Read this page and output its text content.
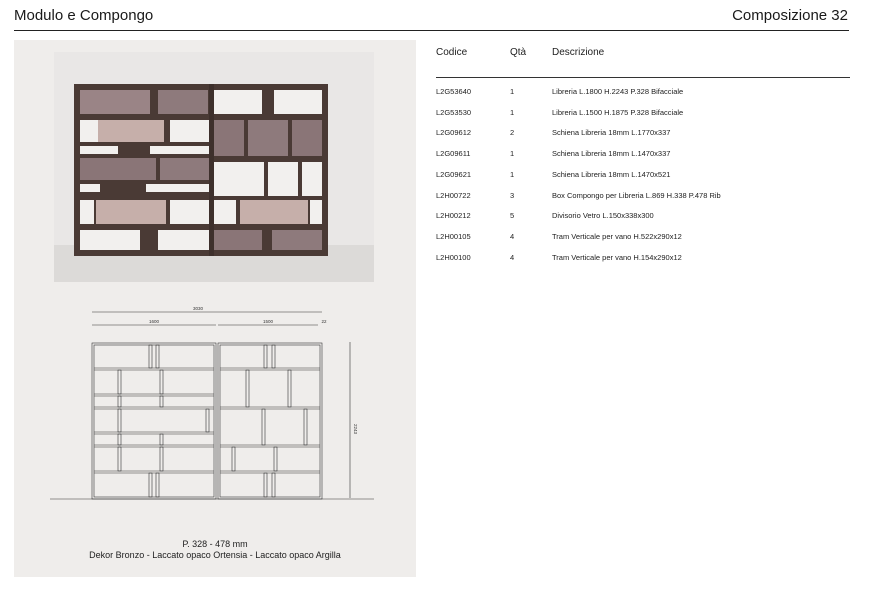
Modulo e Compongo	Composizione 32
3030
1600	1500	22
2243
P. 328 - 478 mm
Dekor Bronzo - Laccato opaco Ortensia - Laccato opaco Argilla
Codice	Qtà	Descrizione
L2G53640	1	Libreria L.1800 H.2243 P.328 Bifacciale
L2G53530	1	Libreria L.1500 H.1875 P.328 Bifacciale
L2G09612	2	Schiena Libreria 18mm L.1770x337
L2G09611	1	Schiena Libreria 18mm L.1470x337
L2G09621	1	Schiena Libreria 18mm L.1470x521
L2H00722	3	Box Compongo per Libreria L.869 H.338 P.478 Rib
L2H00212	5	Divisorio Vetro L.150x338x300
L2H00105	4	Tram Verticale per vano H.522x290x12
L2H00100	4	Tram Verticale per vano H.154x290x12
